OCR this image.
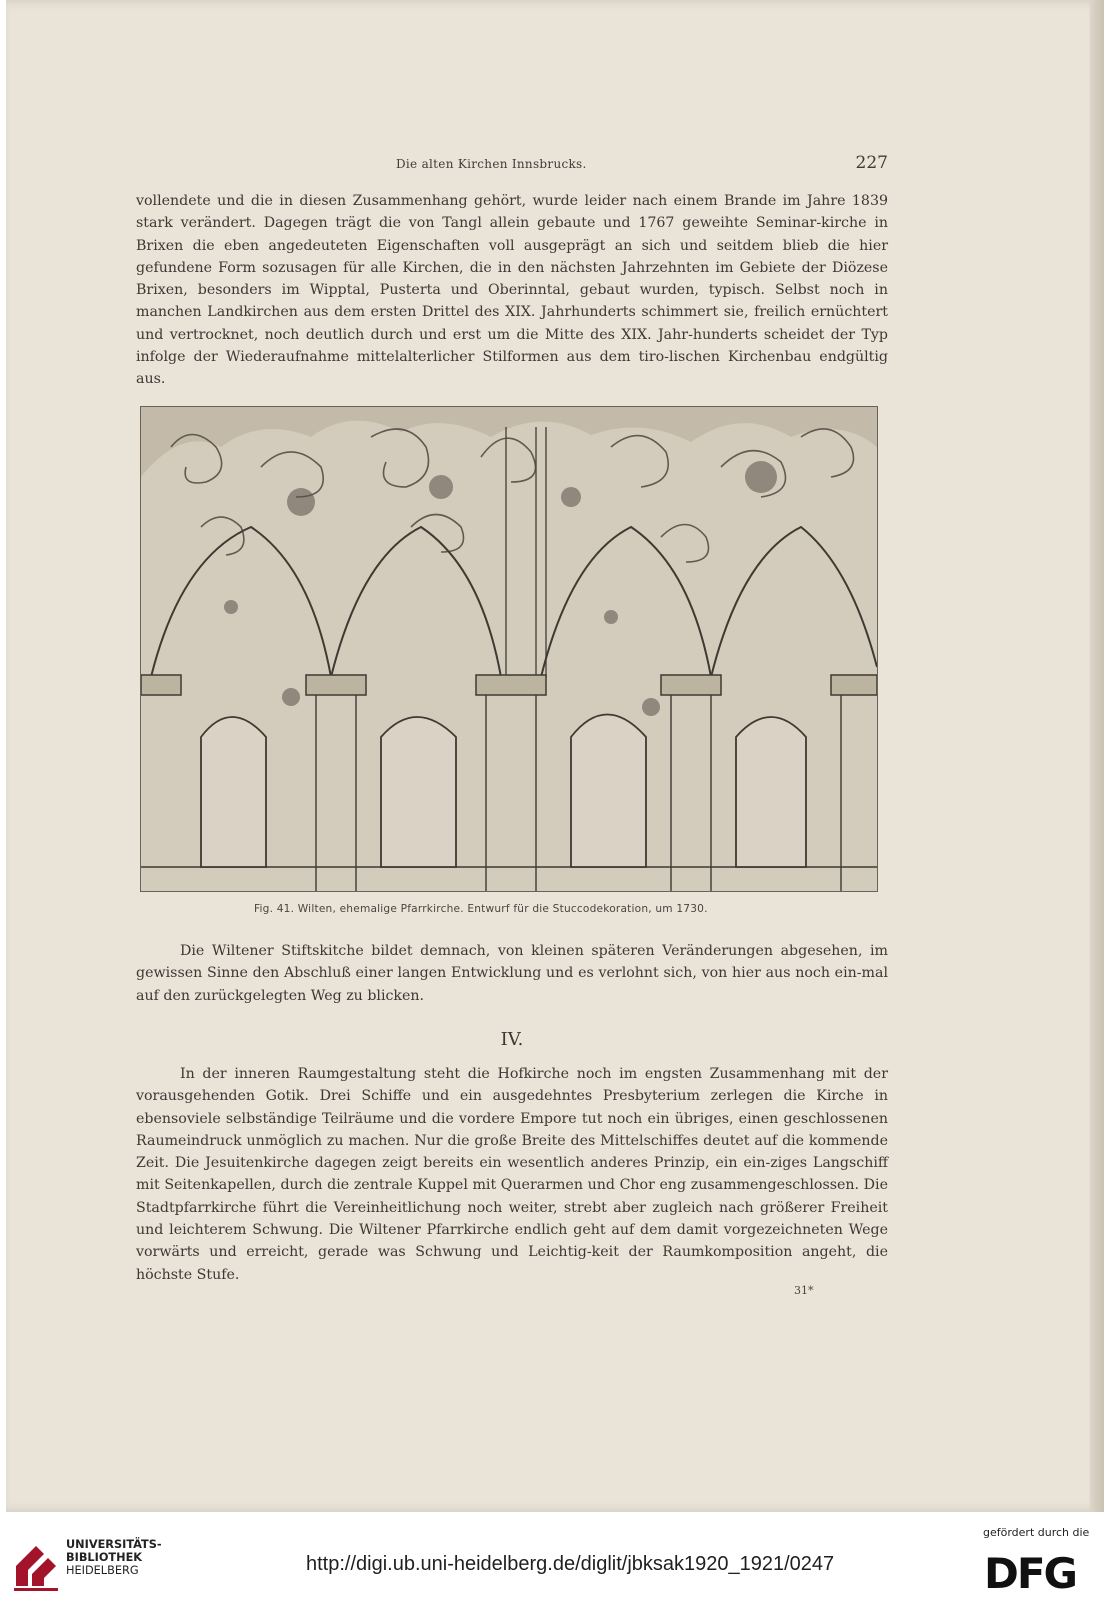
Die alten Kirchen Innsbrucks.	227

vollendete und die in diesen Zusammenhang gehört, wurde leider nach einem Brande im Jahre 1839 stark verändert. Dagegen trägt die von Tangl allein gebaute und 1767 geweihte Seminar-kirche in Brixen die eben angedeuteten Eigenschaften voll ausgeprägt an sich und seitdem blieb die hier gefundene Form sozusagen für alle Kirchen, die in den nächsten Jahrzehnten im Gebiete der Diözese Brixen, besonders im Wipptal, Pusterta und Oberinntal, gebaut wurden, typisch. Selbst noch in manchen Landkirchen aus dem ersten Drittel des XIX. Jahrhunderts schimmert sie, freilich ernüchtert und vertrocknet, noch deutlich durch und erst um die Mitte des XIX. Jahr-hunderts scheidet der Typ infolge der Wiederaufnahme mittelalterlicher Stilformen aus dem tiro-lischen Kirchenbau endgültig aus.

Fig. 41. Wilten, ehemalige Pfarrkirche. Entwurf für die Stuccodekoration, um 1730.

Die Wiltener Stiftskitche bildet demnach, von kleinen späteren Veränderungen abgesehen, im gewissen Sinne den Abschluß einer langen Entwicklung und es verlohnt sich, von hier aus noch ein-mal auf den zurückgelegten Weg zu blicken.

IV.

In der inneren Raumgestaltung steht die Hofkirche noch im engsten Zusammenhang mit der vorausgehenden Gotik. Drei Schiffe und ein ausgedehntes Presbyterium zerlegen die Kirche in ebensoviele selbständige Teilräume und die vordere Empore tut noch ein übriges, einen geschlossenen Raumeindruck unmöglich zu machen. Nur die große Breite des Mittelschiffes deutet auf die kommende Zeit. Die Jesuitenkirche dagegen zeigt bereits ein wesentlich anderes Prinzip, ein ein-ziges Langschiff mit Seitenkapellen, durch die zentrale Kuppel mit Querarmen und Chor eng zusammengeschlossen. Die Stadtpfarrkirche führt die Vereinheitlichung noch weiter, strebt aber zugleich nach größerer Freiheit und leichterem Schwung. Die Wiltener Pfarrkirche endlich geht auf dem damit vorgezeichneten Wege vorwärts und erreicht, gerade was Schwung und Leichtig-keit der Raumkomposition angeht, die höchste Stufe.

31*
UNIVERSITÄTS-
BIBLIOTHEK
HEIDELBERG	http://digi.ub.uni-heidelberg.de/diglit/jbksak1920_1921/0247
gefördert durch die
DFG
